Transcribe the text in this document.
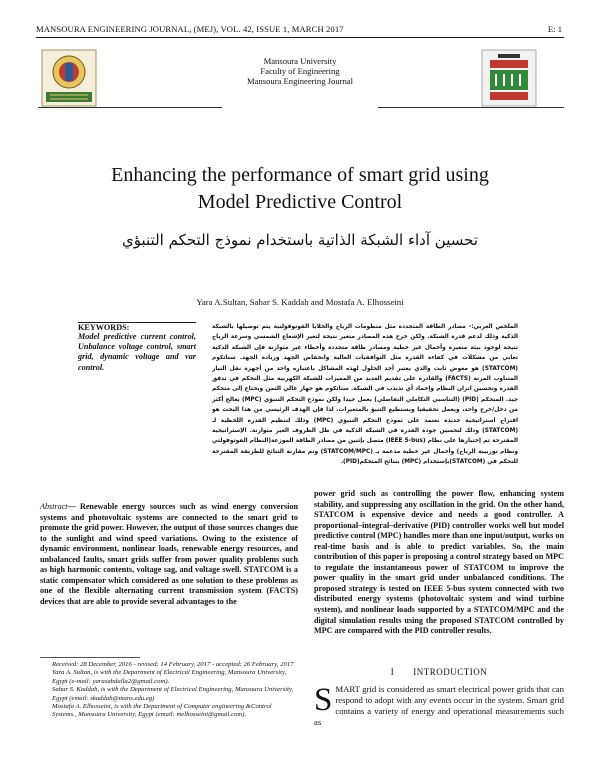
MANSOURA ENGINEERING JOURNAL, (MEJ), VOL. 42, ISSUE 1, MARCH 2017	E: 1
Mansoura University
Faculty of Engineering
Mansoura Engineering Journal
Enhancing the performance of smart grid using
Model Predictive Control
تحسين آداء الشبكة الذاتية باستخدام نموذج التحكم التنبؤي
Yara A.Sultan, Sahar S. Kaddah and Mostafa A. Elhosseini
KEYWORDS:
Model predictive current control, Unbalance voltage control, smart grid, dynamic voltage and var control.
الملخص العربي:- مصادر الطاقة المتجددة مثل منظومات الرياح والخلايا الفوتوفولتية يتم توصيلها بالشبكة الذكية وذلك لدعم قدرة الشبكة. ولكن خرج هذه المصادر متغير نتيجة لتغير الإشعاع الشمسي وسرعة الرياح نتيجة لوجود بيئة متغيرة وأحمال غير خطية ومصادر طاقة متجددة وأخطاء غير متوازنة فإن الشبكة الذكية تعاني من مشكلات في كفاءة القدرة مثل التوافقيات العالية وانخفاض الجهد وزيادة الجهد. ستاتكوم (STATCOM) هو معوض ثابت والذي يعتبر أحد الحلول لهذه المشاكل باعتباره واحد من أجهزة نقل التيار المتناوب المرنة (FACTS) والقادرة على تقديم العديد من المميزات للشبكة الكهربية مثل التحكم في تدفق القدرة وتحسين اتزان النظام وإخماد أي تذبذب في الشبكة. ستاتكوم هو جهاز غالي الثمن ويحتاج إلى متحكم جيد. المتحكم (PID) (التناسبي التكاملي التفاضلي) يعمل جيدا ولكن نموذج التحكم التنبؤي (MPC) يعالج أكثر من دخل/خرج واحد، ويعمل تحقيقيا ويستطيع التنبؤ بالمتغيرات. لذا فإن الهدف الرئيسي من هذا البحث هو اقتراح استراتيجية جديدة تعتمد على نموذج التحكم التنبؤي (MPC) وذلك لتنظيم القدرة اللحظية لـ (STATCOM) وذلك لتحسين جودة القدرة في الشبكة الذكية في ظل الظروف الغير متوازنة. الإستراتيجية المقترحة تم إختبارها على نظام (IEEE 5-bus) متصل بإثنين من مصادر الطاقة الموزعة(النظام الفوتوفولتي ونظام توربينة الرياح) وأحمال غير خطية مدعمة بـ (STATCOM/MPC) وتم مقارنة النتائج للطريقة المقترحة للتحكم في (STATCOM)بإستخدام (MPC) بنتائج المتحكم(PID).
Abstract— Renewable energy sources such as wind energy conversion systems and photovoltaic systems are connected to the smart grid to promote the grid power. However, the output of those sources changes due to the sunlight and wind speed variations. Owing to the existence of dynamic environment, nonlinear loads, renewable energy resources, and unbalanced faults, smart grids suffer from power quality problems such as high harmonic contents, voltage sag, and voltage swell. STATCOM is a static compensator which considered as one solution to these problems as one of the flexible alternating current transmission system (FACTS) devices that are able to provide several advantages to the

Received: 28 December, 2016 - revised: 14 February, 2017 - accepted: 26 February, 2017

Yara A. Sultan, is with the Department of Electrical Engineering, Mansoura University, Egypt (e-mail: yarasabdalla2@gmail.com).

Sahar S. Kaddah, is with the Department of Electrical Engineering, Mansoura University, Egypt (email: skaddah@mans.edu.eg)

Mostafa A. Elhosseini, is with the Department of Computer engineering &Control Systems., Mansoura University, Egypt (email: melhosseini@gmail.com).

power grid such as controlling the power flow, enhancing system stability, and suppressing any oscillation in the grid. On the other hand, STATCOM is expensive device and needs a good controller. A proportional–integral–derivative (PID) controller works well but model predictive control (MPC) handles more than one input/output, works on real-time basis and is able to predict variables. So, the main contribution of this paper is proposing a control strategy based on MPC to regulate the instantaneous power of STATCOM to improve the power quality in the smart grid under unbalanced conditions. The proposed strategy is tested on IEEE 5-bus system connected with two distributed energy systems (photovoltaic system and wind turbine system), and nonlinear loads supported by a STATCOM/MPC and the digital simulation results using the proposed STATCOM controlled by MPC are compared with the PID controller results.
I  INTRODUCTION
SMART grid is considered as smart electrical power grids that can respond to adopt with any events occur in the system. Smart grid contains a variety of energy and operational measurements such as
